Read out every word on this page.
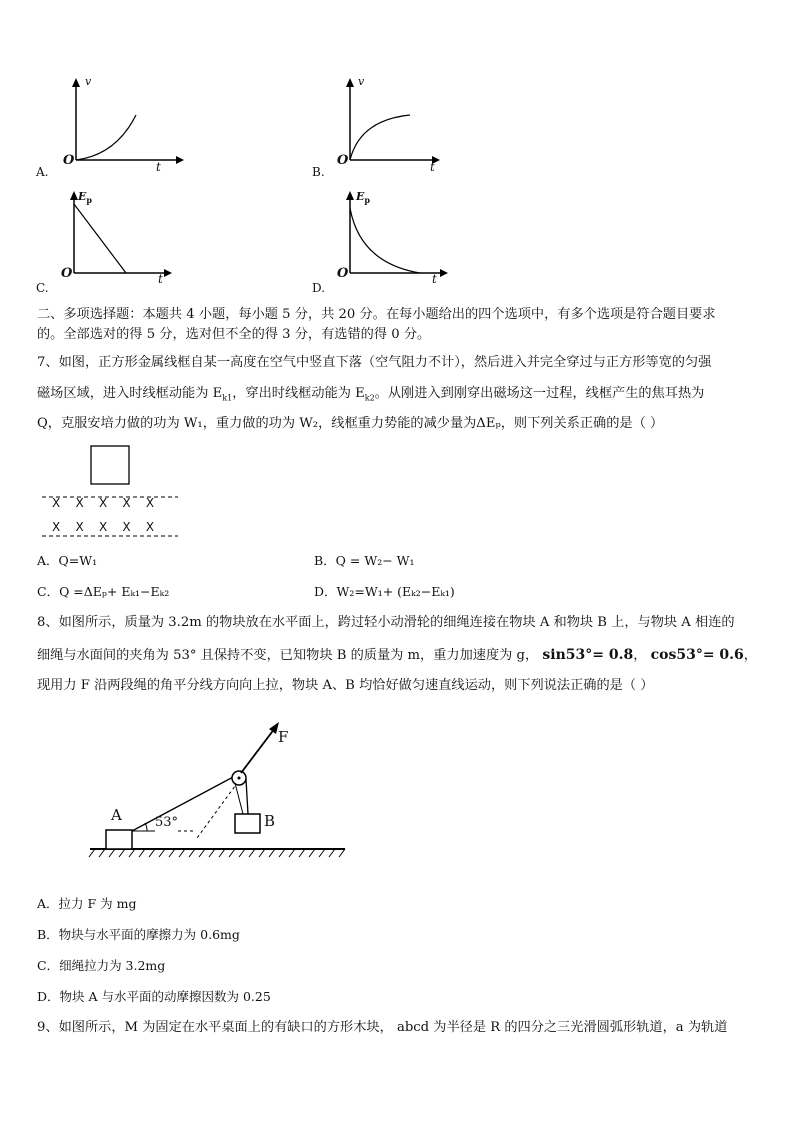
v
O	t
A.
v
O	t
B.
$E_p$
O	t
C.
$E_p$
O	t
D.
二、多项选择题：本题共 4 小题，每小题 5 分，共 20 分。在每小题给出的四个选项中，有多个选项是符合题目要求
的。全部选对的得 5 分，选对但不全的得 3 分，有选错的得 0 分。
7、如图，正方形金属线框自某一高度在空气中竖直下落（空气阻力不计），然后进入并完全穿过与正方形等宽的匀强
磁场区域，进入时线框动能为 $E_{k1}$，穿出时线框动能为 $E_{k2}$。从刚进入到刚穿出磁场这一过程，线框产生的焦耳热为
Q，克服安培力做的功为 W₁，重力做的功为 W₂，线框重力势能的减少量为ΔEₚ，则下列关系正确的是（ ）
X    X    X    X    X
X    X    X    X    X
A．Q=W₁	B．Q = W₂− W₁
C．Q =ΔEₚ+ Eₖ₁−Eₖ₂	D．W₂=W₁+ (Eₖ₂−Eₖ₁)
8、如图所示，质量为 3.2m 的物块放在水平面上，跨过轻小动滑轮的细绳连接在物块 A 和物块 B 上，与物块 A 相连的
细绳与水面间的夹角为 53° 且保持不变，已知物块 B 的质量为 m，重力加速度为 g， sin53°= 0.8， cos53°= 0.6，
现用力 F 沿两段绳的角平分线方向向上拉，物块 A、B 均恰好做匀速直线运动，则下列说法正确的是（ ）
F
A	B
53°
A．拉力 F 为 mg
B．物块与水平面的摩擦力为 0.6mg
C．细绳拉力为 3.2mg
D．物块 A 与水平面的动摩擦因数为 0.25
9、如图所示，M 为固定在水平桌面上的有缺口的方形木块， abcd 为半径是 R 的四分之三光滑圆弧形轨道，a 为轨道
